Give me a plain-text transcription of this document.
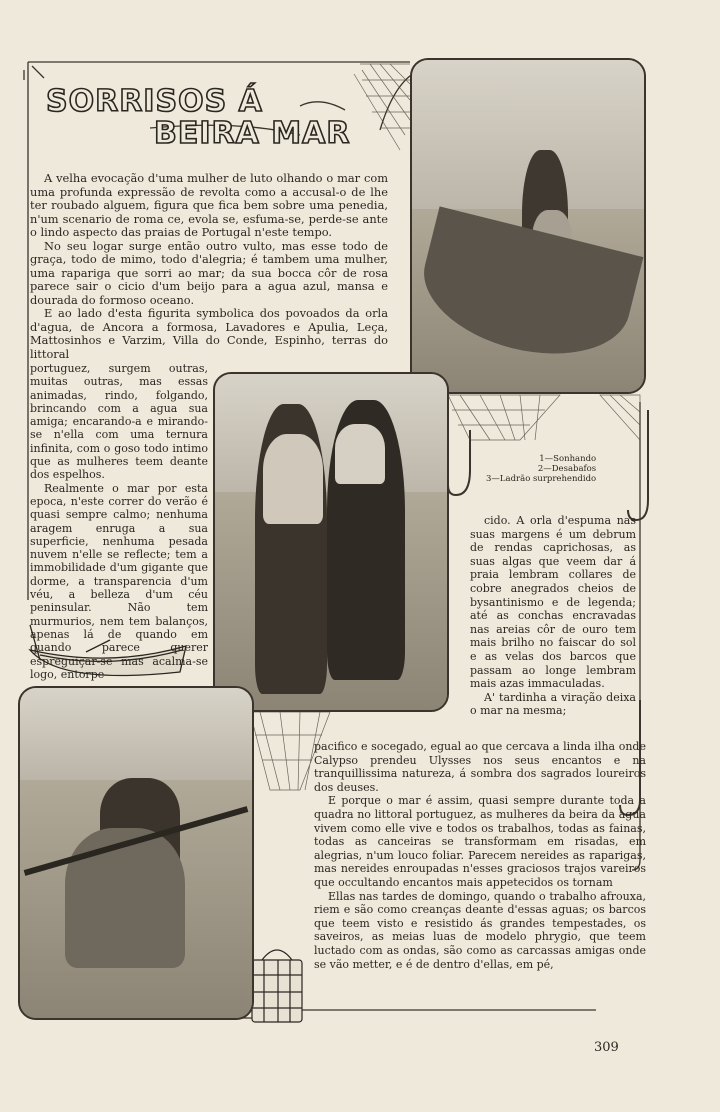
SORRISOS Á
BEIRA MAR
1—Sonhando
2—Desabafos
3—Ladrão surprehendido

A velha evocação d'uma mulher de luto olhando o mar com uma profunda expressão de revolta como a accusal-o de lhe ter roubado alguem, figura que fica bem sobre uma penedia, n'um scenario de roma ce, evola se, esfuma-se, perde-se ante o lindo aspecto das praias de Portugal n'este tempo.

No seu logar surge então outro vulto, mas esse todo de graça, todo de mimo, todo d'alegria; é tambem uma mulher, uma rapariga que sorri ao mar; da sua bocca côr de rosa parece sair o cicio d'um beijo para a agua azul, mansa e dourada do formoso oceano.

E ao lado d'esta figurita symbolica dos povoados da orla d'agua, de Ancora a formosa, Lavadores e Apulia, Leça, Mattosinhos e Varzim, Villa do Conde, Espinho, terras do littoral

portuguez, surgem outras, muitas outras, mas essas animadas, rindo, folgando, brincando com a agua sua amiga; encarando-a e mirando-se n'ella com uma ternura infinita, com o goso todo intimo que as mulheres teem deante dos espelhos.

Realmente o mar por esta epoca, n'este correr do verão é quasi sempre calmo; nenhuma aragem enruga a sua superficie, nenhuma pesada nuvem n'elle se reflecte; tem a immobilidade d'um gigante que dorme, a transparencia d'um véu, a belleza d'um céu peninsular. Não tem murmurios, nem tem balanços, apenas lá de quando em quando parece querer espreguiçar-se mas acalma-se logo, entorpe-

cido. A orla d'espuma nas suas margens é um debrum de rendas caprichosas, as suas algas que veem dar á praia lembram collares de cobre anegrados cheios de bysantinismo e de legenda; até as conchas encravadas nas areias côr de ouro tem mais brilho no faiscar do sol e as velas dos barcos que passam ao longe lembram mais azas immaculadas.

A' tardinha a viração deixa o mar na mesma;

pacifico e socegado, egual ao que cercava a linda ilha onde Calypso prendeu Ulysses nos seus encantos e na tranquillissima natureza, á sombra dos sagrados loureiros dos deuses.

E porque o mar é assim, quasi sempre durante toda a quadra no littoral portuguez, as mulheres da beira da agua vivem como elle vive e todos os trabalhos, todas as fainas, todas as canceiras se transformam em risadas, em alegrias, n'um louco foliar. Parecem nereides as raparigas, mas nereides enroupadas n'esses graciosos trajos vareiros que occultando encantos mais appetecidos os tornam

Ellas nas tardes de domingo, quando o trabalho afrouxa, riem e são como creanças deante d'essas aguas; os barcos que teem visto e resistido ás grandes tempestades, os saveiros, as meias luas de modelo phrygio, que teem luctado com as ondas, são como as carcassas amigas onde se vão metter, e é de dentro d'ellas, em pé,

309
